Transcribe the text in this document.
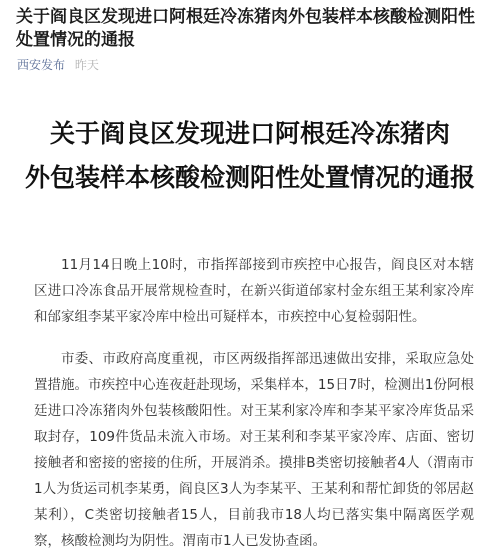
关于阎良区发现进口阿根廷冷冻猪肉外包装样本核酸检测阳性处置情况的通报
西安发布 昨天
关于阎良区发现进口阿根廷冷冻猪肉
外包装样本核酸检测阳性处置情况的通报

11月14日晚上10时，市指挥部接到市疾控中心报告，阎良区对本辖区进口冷冻食品开展常规检查时，在新兴街道邰家村金东组王某利家冷库和邰家组李某平家冷库中检出可疑样本，市疾控中心复检弱阳性。

市委、市政府高度重视，市区两级指挥部迅速做出安排，采取应急处置措施。市疾控中心连夜赶赴现场，采集样本，15日7时，检测出1份阿根廷进口冷冻猪肉外包装核酸阳性。对王某利家冷库和李某平家冷库货品采取封存，109件货品未流入市场。对王某利和李某平家冷库、店面、密切接触者和密接的密接的住所，开展消杀。摸排B类密切接触者4人（渭南市1人为货运司机李某勇，阎良区3人为李某平、王某利和帮忙卸货的邻居赵某利），C类密切接触者15人，目前我市18人均已落实集中隔离医学观察，核酸检测均为阴性。渭南市1人已发协查函。
